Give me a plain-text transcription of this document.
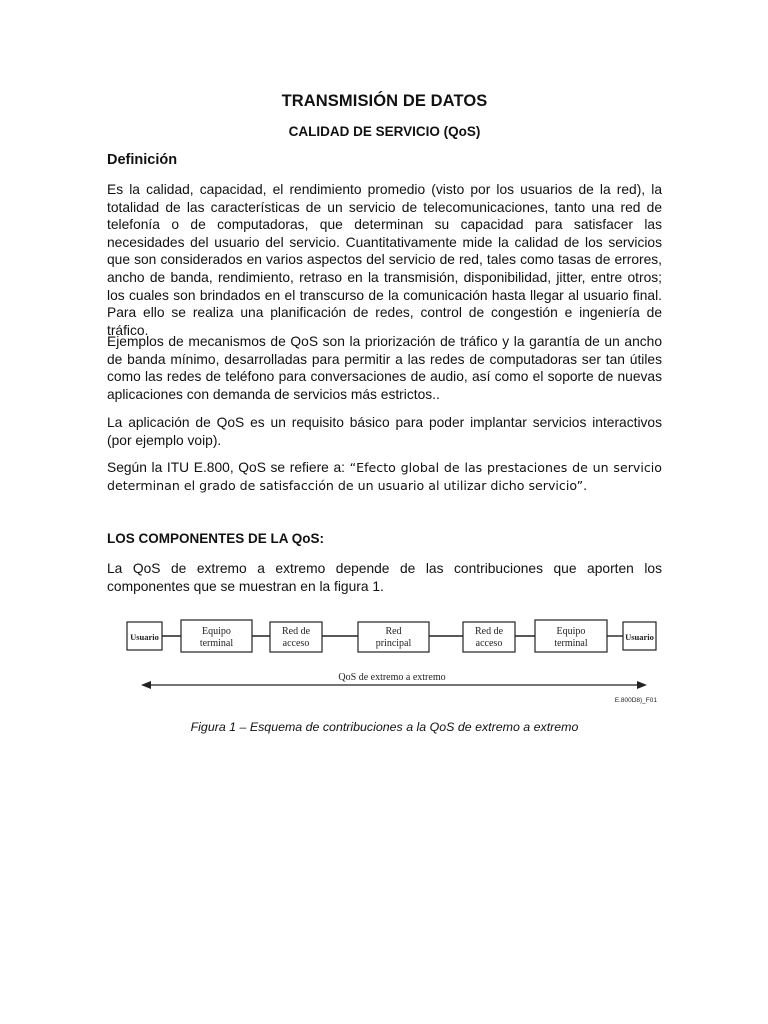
TRANSMISIÓN DE DATOS
CALIDAD DE SERVICIO (QoS)
Definición
Es la calidad, capacidad, el rendimiento promedio (visto por los usuarios de la red), la totalidad de las características de un servicio de telecomunicaciones, tanto una red de telefonía o de computadoras, que determinan su capacidad para satisfacer las necesidades del usuario del servicio. Cuantitativamente mide la calidad de los servicios que son considerados en varios aspectos del servicio de red, tales como tasas de errores, ancho de banda, rendimiento, retraso en la transmisión, disponibilidad, jitter, entre otros; los cuales son brindados en el transcurso de la comunicación hasta llegar al usuario final. Para ello se realiza una planificación de redes, control de congestión e ingeniería de tráfico.
Ejemplos de mecanismos de QoS son la priorización de tráfico y la garantía de un ancho de banda mínimo, desarrolladas para permitir a las redes de computadoras ser tan útiles como las redes de teléfono para conversaciones de audio, así como el soporte de nuevas aplicaciones con demanda de servicios más estrictos..
La aplicación de QoS es un requisito básico para poder implantar servicios interactivos (por ejemplo voip).
Según la ITU E.800, QoS se refiere a: “Efecto global de las prestaciones de un servicio determinan el grado de satisfacción de un usuario al utilizar dicho servicio”.
LOS COMPONENTES DE LA QoS:
La QoS de extremo a extremo depende de las contribuciones que aporten los componentes que se muestran en la figura 1.
Figura 1 – Esquema de contribuciones a la QoS de extremo a extremo
Usuario	Equipo
terminal
Red de
acceso
Red
principal
Red de
acceso
Equipo
terminal
Usuario
QoS de extremo a extremo
E.800D8)_F01
